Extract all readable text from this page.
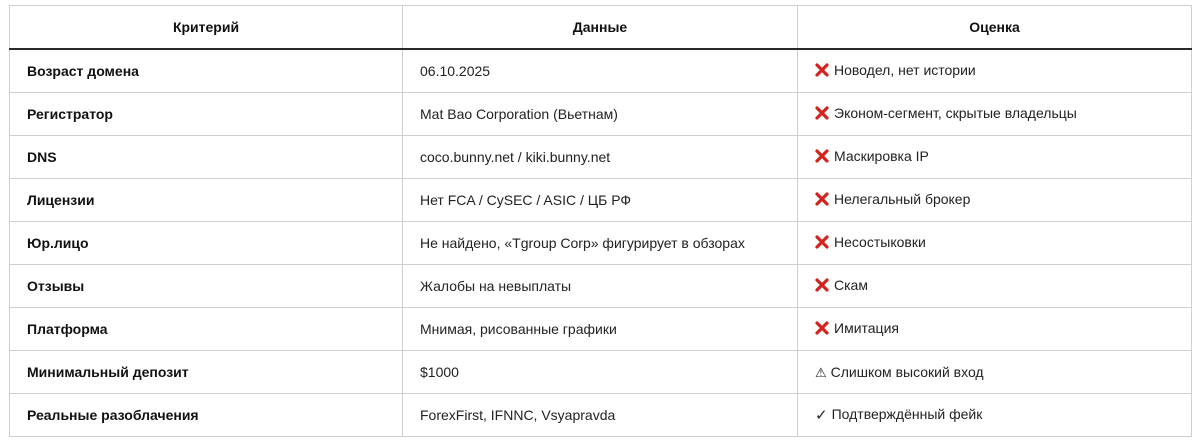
Критерий	Данные	Оценка
Возраст домена	06.10.2025	Новодел, нет истории
Регистратор	Mat Bao Corporation (Вьетнам)	Эконом-сегмент, скрытые владельцы
DNS	coco.bunny.net / kiki.bunny.net	Маскировка IP
Лицензии	Нет FCA / CySEC / ASIC / ЦБ РФ	Нелегальный брокер
Юр.лицо	Не найдено, «Tgroup Corp» фигурирует в обзорах	Несостыковки
Отзывы	Жалобы на невыплаты	Скам
Платформа	Мнимая, рисованные графики	Имитация
Минимальный депозит	$1000	⚠ Слишком высокий вход
Реальные разоблачения	ForexFirst, IFNNC, Vsyapravda	✓ Подтверждённый фейк
